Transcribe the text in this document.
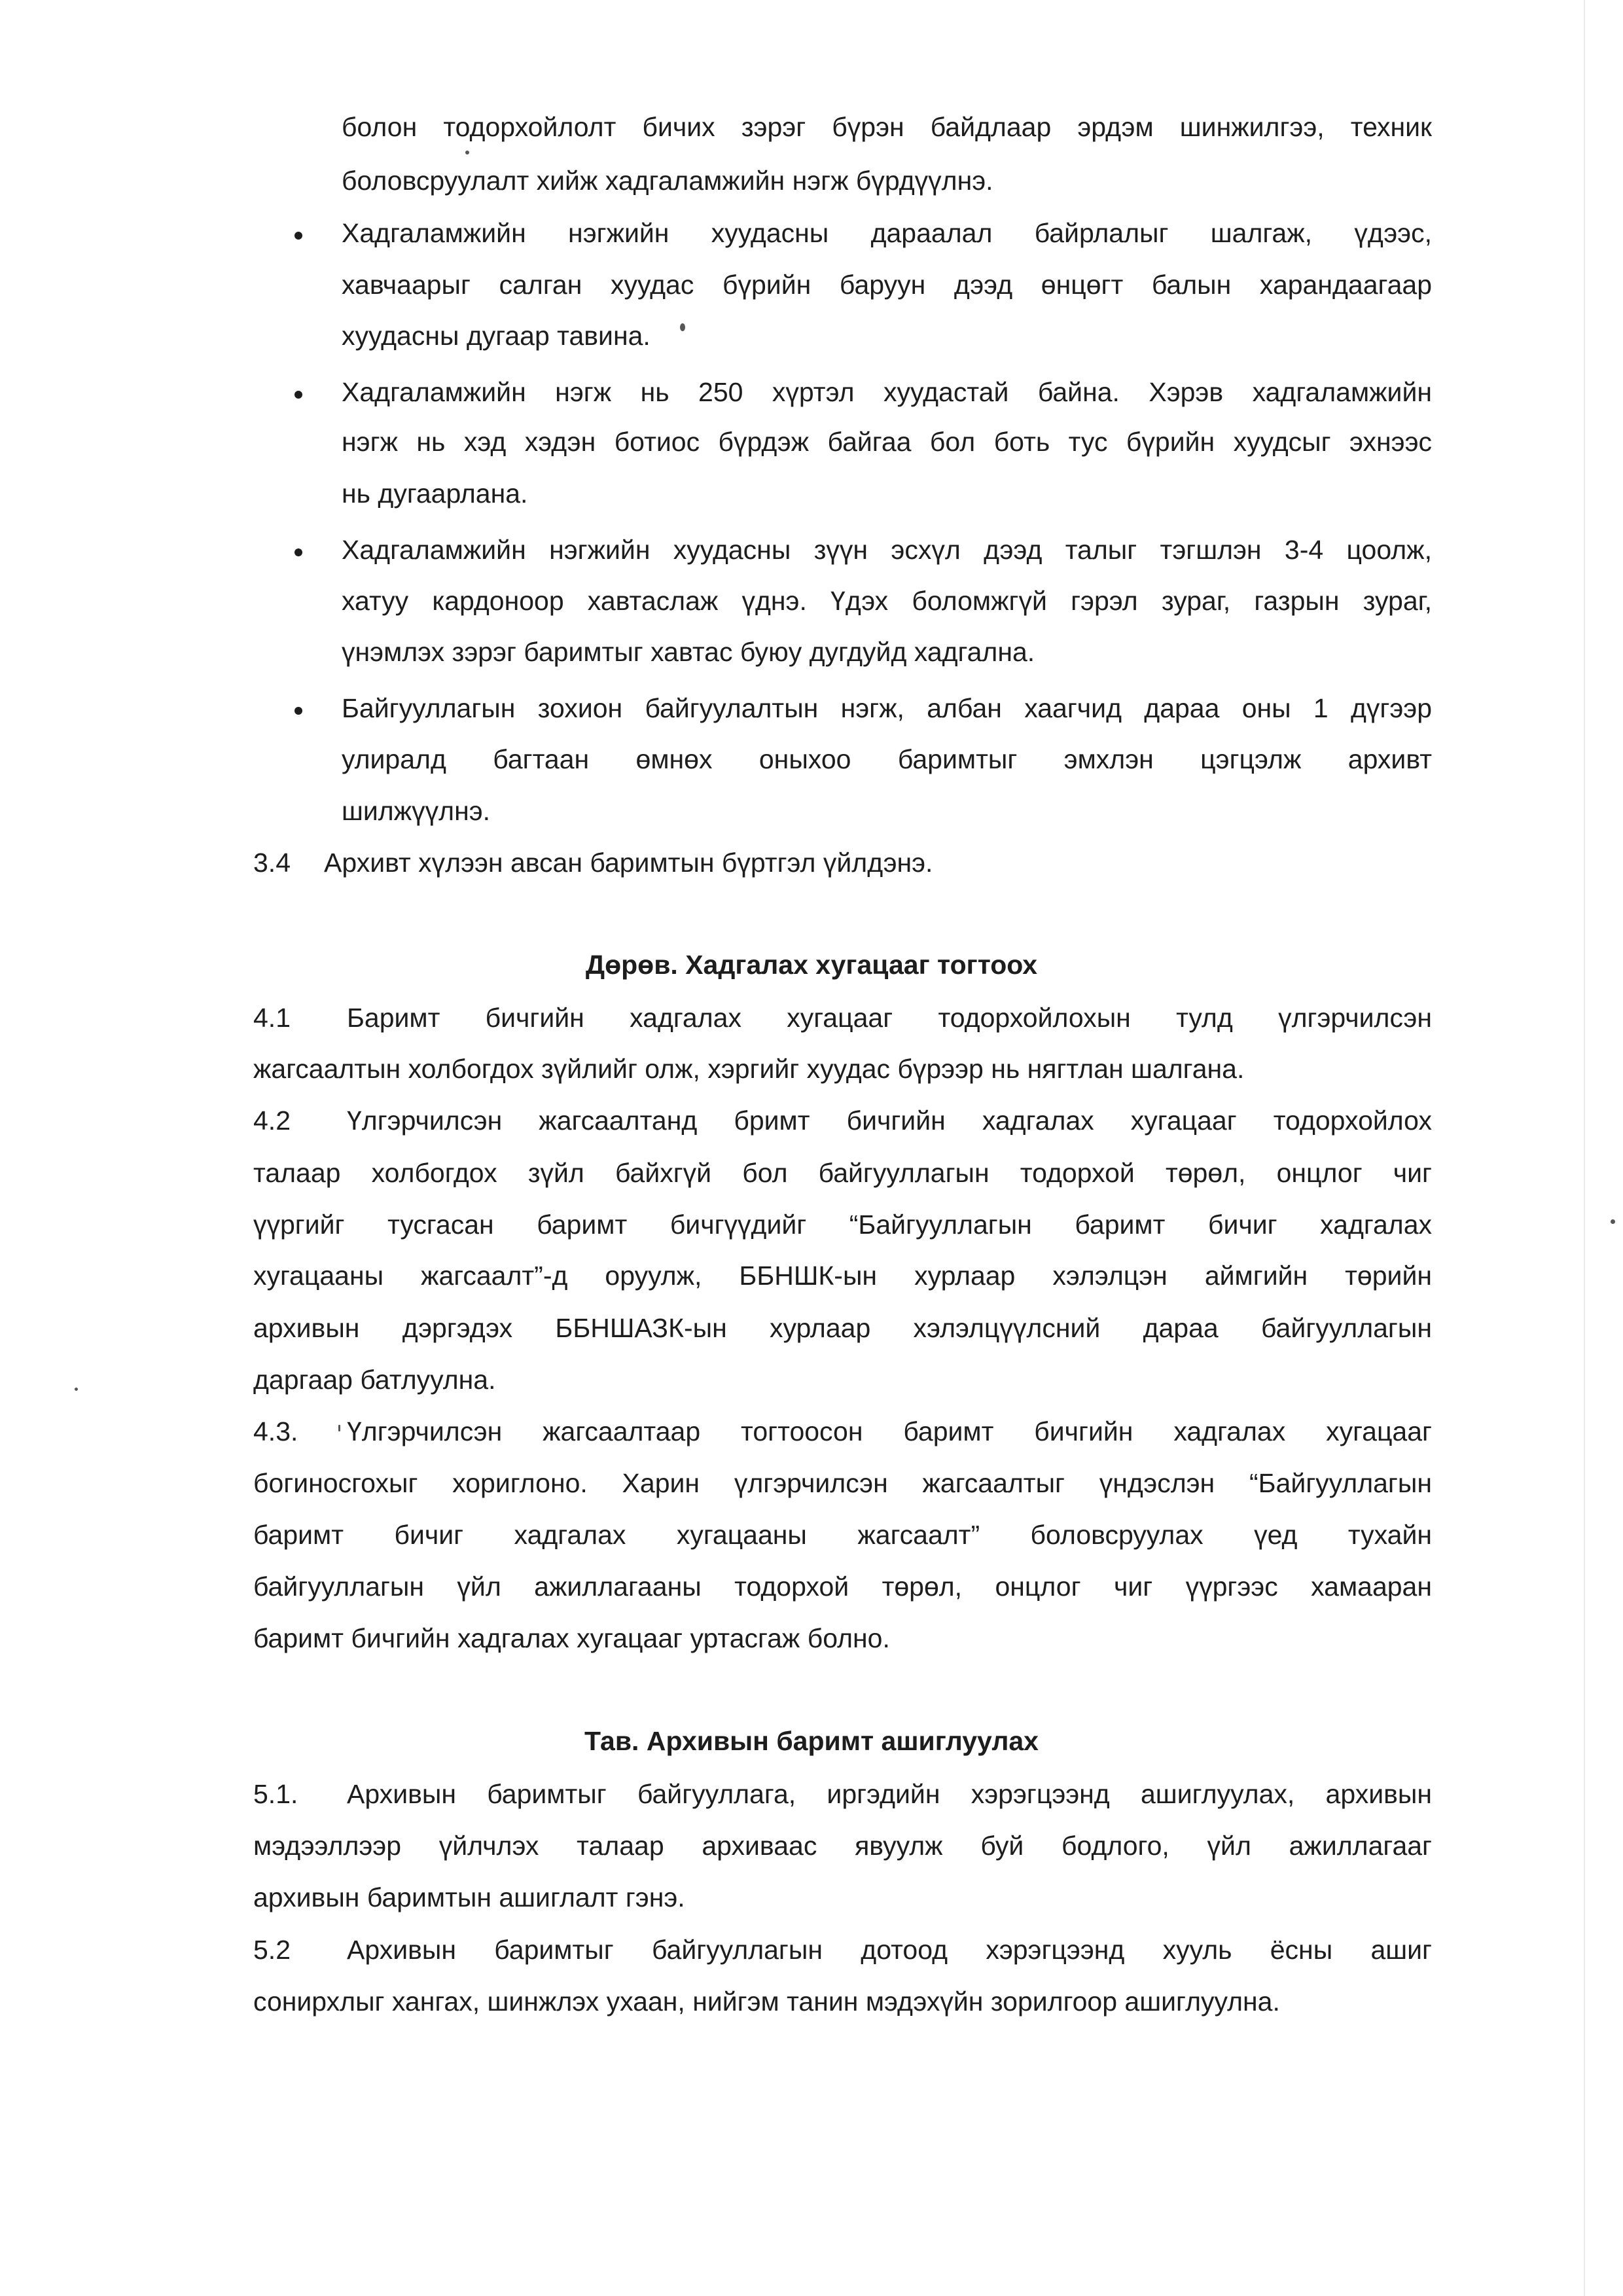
болон тодорхойлолт бичих зэрэг бүрэн байдлаар эрдэм шинжилгээ, техник
боловсруулалт хийж хадгаламжийн нэгж бүрдүүлнэ.
Хадгаламжийн нэгжийн хуудасны дараалал байрлалыг шалгаж, үдээс,
хавчаарыг салган хуудас бүрийн баруун дээд өнцөгт балын харандаагаар
хуудасны дугаар тавина.
Хадгаламжийн нэгж нь 250 хүртэл хуудастай байна. Хэрэв хадгаламжийн
нэгж нь хэд хэдэн ботиос бүрдэж байгаа бол боть тус бүрийн хуудсыг эхнээс
нь дугаарлана.
Хадгаламжийн нэгжийн хуудасны зүүн эсхүл дээд талыг тэгшлэн 3-4 цоолж,
хатуу кардоноор хавтаслаж үднэ. Үдэх боломжгүй гэрэл зураг, газрын зураг,
үнэмлэх зэрэг баримтыг хавтас буюу дугдуйд хадгална.
Байгууллагын зохион байгуулалтын нэгж, албан хаагчид дараа оны 1 дүгээр
улиралд багтаан өмнөх оныхоо баримтыг эмхлэн цэгцэлж архивт
шилжүүлнэ.
3.4 Архивт хүлээн авсан баримтын бүртгэл үйлдэнэ.
Дөрөв. Хадгалах хугацааг тогтоох
4.1 Баримт бичгийн хадгалах хугацааг тодорхойлохын тулд үлгэрчилсэн
жагсаалтын холбогдох зүйлийг олж, хэргийг хуудас бүрээр нь нягтлан шалгана.
4.2 Үлгэрчилсэн жагсаалтанд бримт бичгийн хадгалах хугацааг тодорхойлох
талаар холбогдох зүйл байхгүй бол байгууллагын тодорхой төрөл, онцлог чиг
үүргийг тусгасан баримт бичгүүдийг “Байгууллагын баримт бичиг хадгалах
хугацааны жагсаалт”-д оруулж, ББНШК-ын хурлаар хэлэлцэн аймгийн төрийн
архивын дэргэдэх ББНШАЗК-ын хурлаар хэлэлцүүлсний дараа байгууллагын
даргаар батлуулна.
4.3. Үлгэрчилсэн жагсаалтаар тогтоосон баримт бичгийн хадгалах хугацааг
богиносгохыг хориглоно. Харин үлгэрчилсэн жагсаалтыг үндэслэн “Байгууллагын
баримт бичиг хадгалах хугацааны жагсаалт” боловсруулах үед тухайн
байгууллагын үйл ажиллагааны тодорхой төрөл, онцлог чиг үүргээс хамааран
баримт бичгийн хадгалах хугацааг уртасгаж болно.
Тав. Архивын баримт ашиглуулах
5.1. Архивын баримтыг байгууллага, иргэдийн хэрэгцээнд ашиглуулах, архивын
мэдээллээр үйлчлэх талаар архиваас явуулж буй бодлого, үйл ажиллагааг
архивын баримтын ашиглалт гэнэ.
5.2 Архивын баримтыг байгууллагын дотоод хэрэгцээнд хууль ёсны ашиг
сонирхлыг хангах, шинжлэх ухаан, нийгэм танин мэдэхүйн зорилгоор ашиглуулна.
